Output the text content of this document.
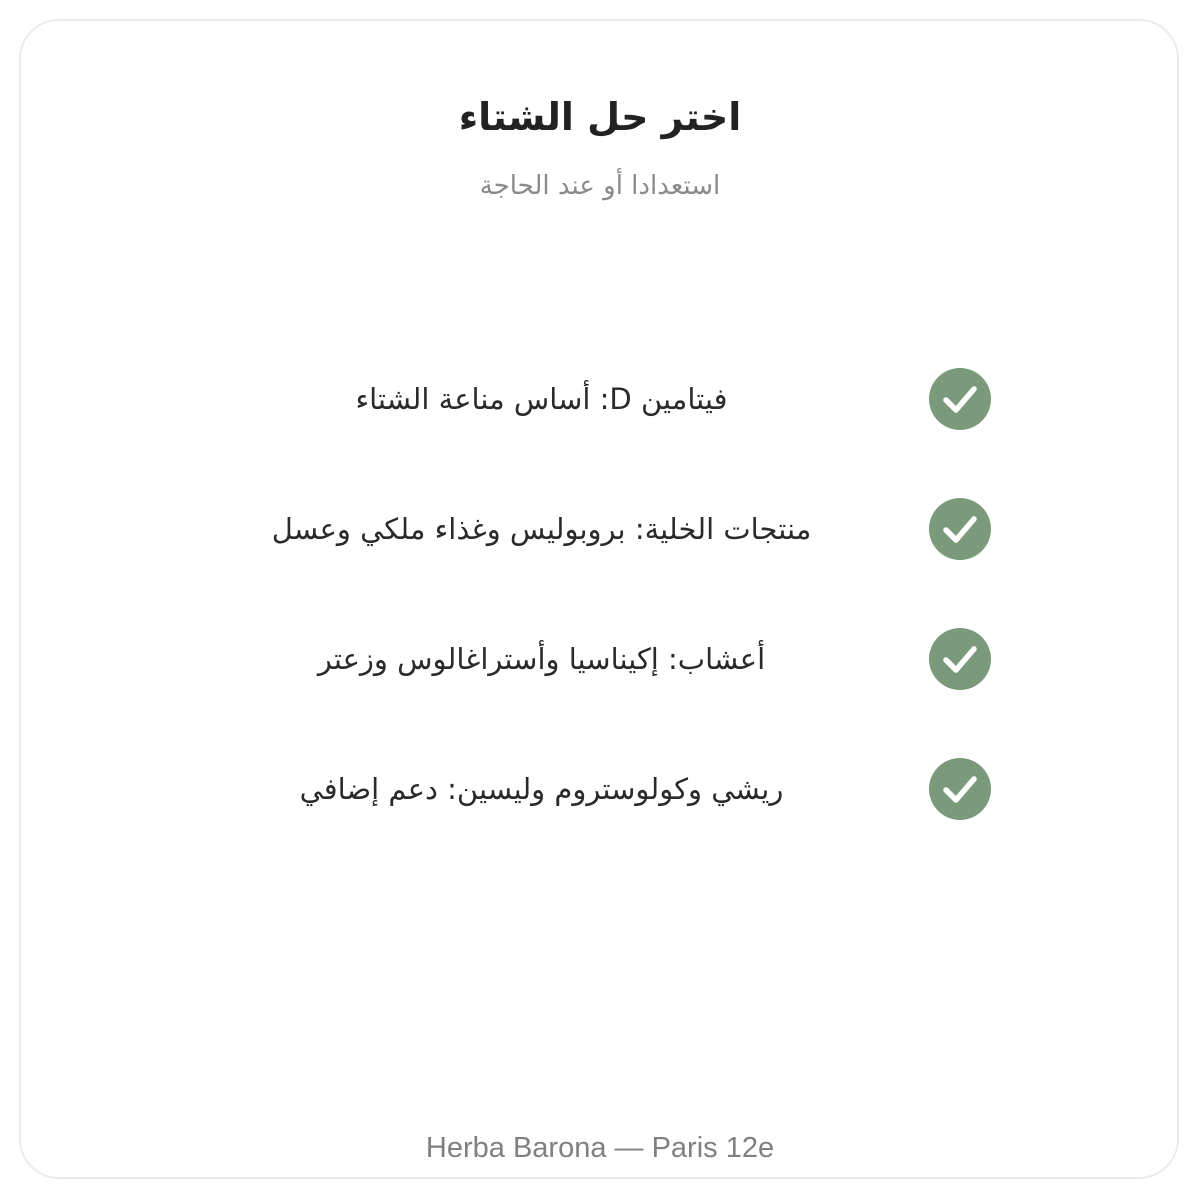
اختر حل الشتاء
استعدادا أو عند الحاجة
فيتامين D: أساس مناعة الشتاء
منتجات الخلية: بروبوليس وغذاء ملكي وعسل
أعشاب: إكيناسيا وأستراغالوس وزعتر
ريشي وكولوستروم وليسين: دعم إضافي
Herba Barona — Paris 12e
